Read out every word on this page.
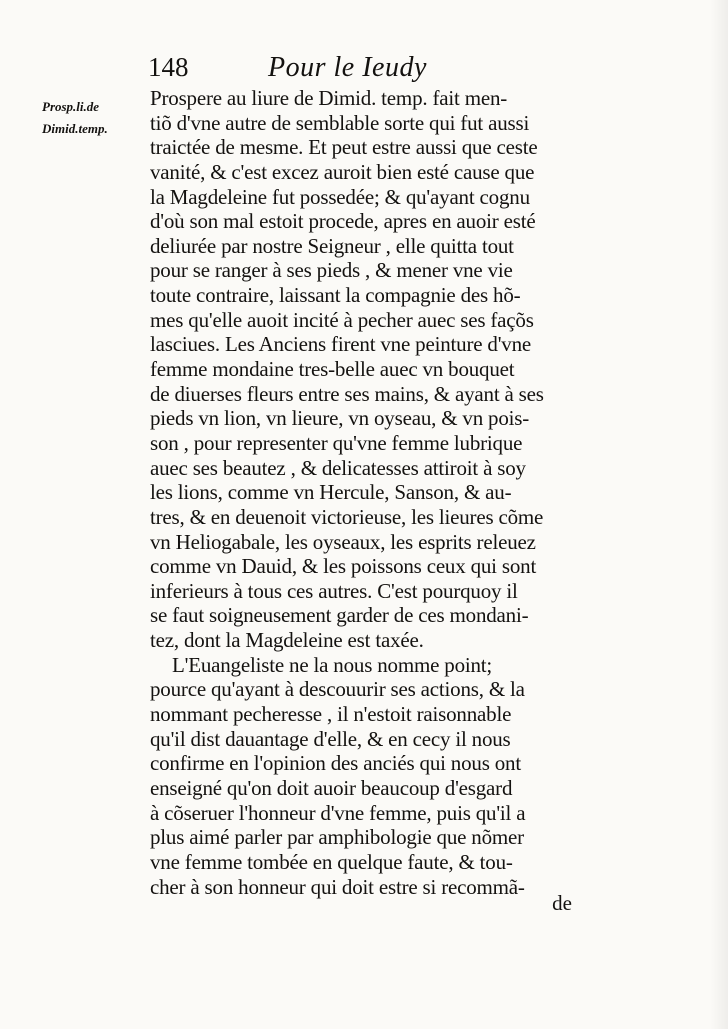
148	Pour le Ieudy
Prosp.li.de
Dimid.temp.
Prospere au liure de Dimid. temp. fait men-
tiõ d'vne autre de semblable sorte qui fut aussi
traictée de mesme. Et peut estre aussi que ceste
vanité, & c'est excez auroit bien esté cause que
la Magdeleine fut possedée; & qu'ayant cognu
d'où son mal estoit procede, apres en auoir esté
deliurée par nostre Seigneur , elle quitta tout
pour se ranger à ses pieds , & mener vne vie
toute contraire, laissant la compagnie des hõ-
mes qu'elle auoit incité à pecher auec ses façõs
lasciues. Les Anciens firent vne peinture d'vne
femme mondaine tres-belle auec vn bouquet
de diuerses fleurs entre ses mains, & ayant à ses
pieds vn lion, vn lieure, vn oyseau, & vn pois-
son , pour representer qu'vne femme lubrique
auec ses beautez , & delicatesses attiroit à soy
les lions, comme vn Hercule, Sanson, & au-
tres, & en deuenoit victorieuse, les lieures cõme
vn Heliogabale, les oyseaux, les esprits releuez
comme vn Dauid, & les poissons ceux qui sont
inferieurs à tous ces autres. C'est pourquoy il
se faut soigneusement garder de ces mondani-
tez, dont la Magdeleine est taxée.
L'Euangeliste ne la nous nomme point;
pource qu'ayant à descouurir ses actions, & la
nommant pecheresse , il n'estoit raisonnable
qu'il dist dauantage d'elle, & en cecy il nous
confirme en l'opinion des anciés qui nous ont
enseigné qu'on doit auoir beaucoup d'esgard
à cõseruer l'honneur d'vne femme, puis qu'il a
plus aimé parler par amphibologie que nõmer
vne femme tombée en quelque faute, & tou-
cher à son honneur qui doit estre si recommã-
de
